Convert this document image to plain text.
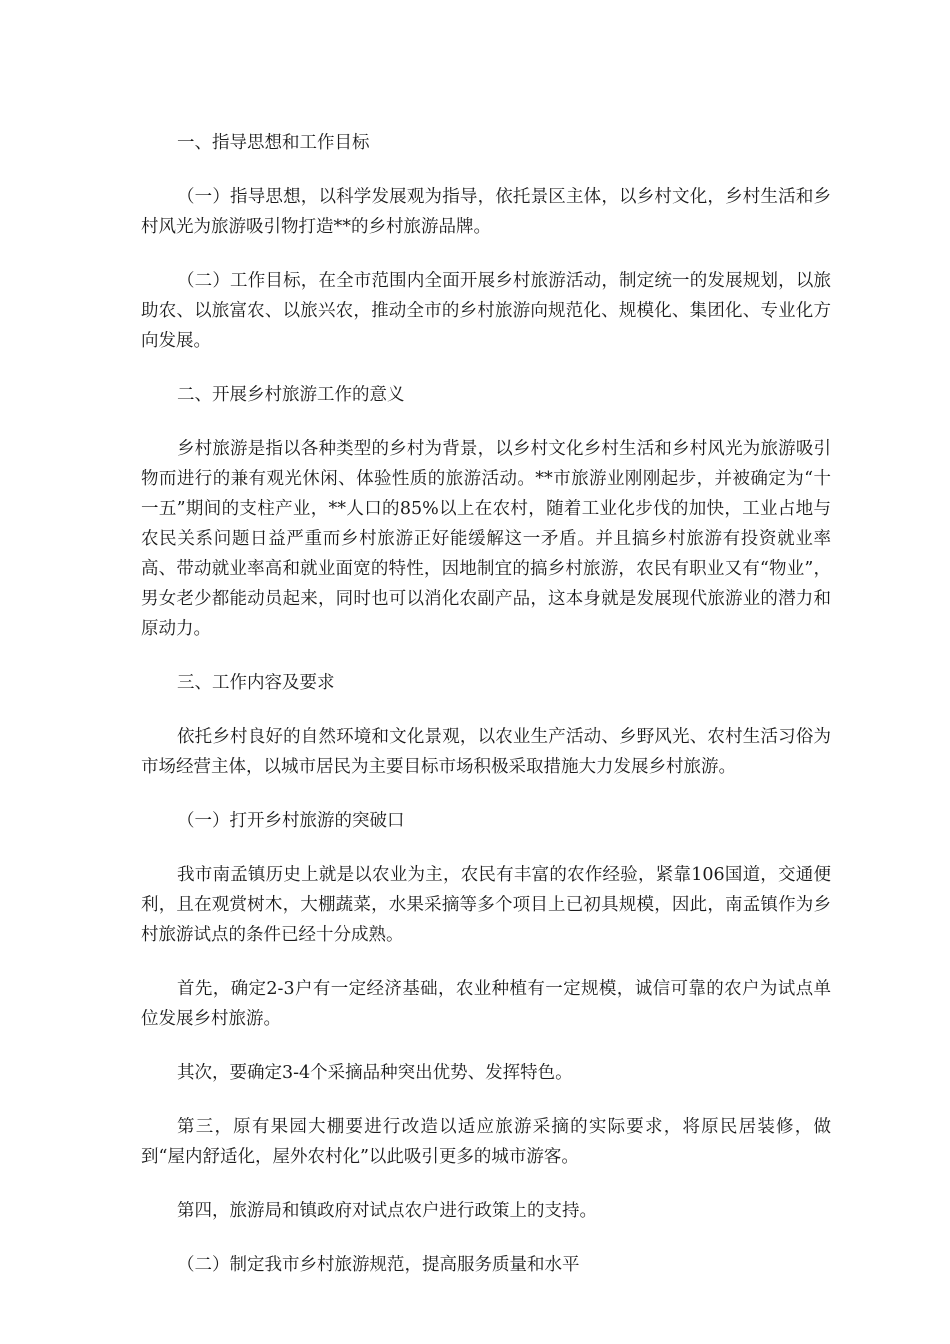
一、指导思想和工作目标

（一）指导思想，以科学发展观为指导，依托景区主体，以乡村文化，乡村生活和乡村风光为旅游吸引物打造**的乡村旅游品牌。

（二）工作目标，在全市范围内全面开展乡村旅游活动，制定统一的发展规划，以旅助农、以旅富农、以旅兴农，推动全市的乡村旅游向规范化、规模化、集团化、专业化方向发展。

二、开展乡村旅游工作的意义

乡村旅游是指以各种类型的乡村为背景，以乡村文化乡村生活和乡村风光为旅游吸引物而进行的兼有观光休闲、体验性质的旅游活动。**市旅游业刚刚起步，并被确定为“十一五”期间的支柱产业，**人口的85%以上在农村，随着工业化步伐的加快，工业占地与农民关系问题日益严重而乡村旅游正好能缓解这一矛盾。并且搞乡村旅游有投资就业率高、带动就业率高和就业面宽的特性，因地制宜的搞乡村旅游，农民有职业又有“物业”，男女老少都能动员起来，同时也可以消化农副产品，这本身就是发展现代旅游业的潜力和原动力。

三、工作内容及要求

依托乡村良好的自然环境和文化景观，以农业生产活动、乡野风光、农村生活习俗为市场经营主体，以城市居民为主要目标市场积极采取措施大力发展乡村旅游。

（一）打开乡村旅游的突破口

我市南孟镇历史上就是以农业为主，农民有丰富的农作经验，紧靠106国道，交通便利，且在观赏树木，大棚蔬菜，水果采摘等多个项目上已初具规模，因此，南孟镇作为乡村旅游试点的条件已经十分成熟。

首先，确定2-3户有一定经济基础，农业种植有一定规模，诚信可靠的农户为试点单位发展乡村旅游。

其次，要确定3-4个采摘品种突出优势、发挥特色。

第三，原有果园大棚要进行改造以适应旅游采摘的实际要求，将原民居装修，做到“屋内舒适化，屋外农村化”以此吸引更多的城市游客。

第四，旅游局和镇政府对试点农户进行政策上的支持。

（二）制定我市乡村旅游规范，提高服务质量和水平
